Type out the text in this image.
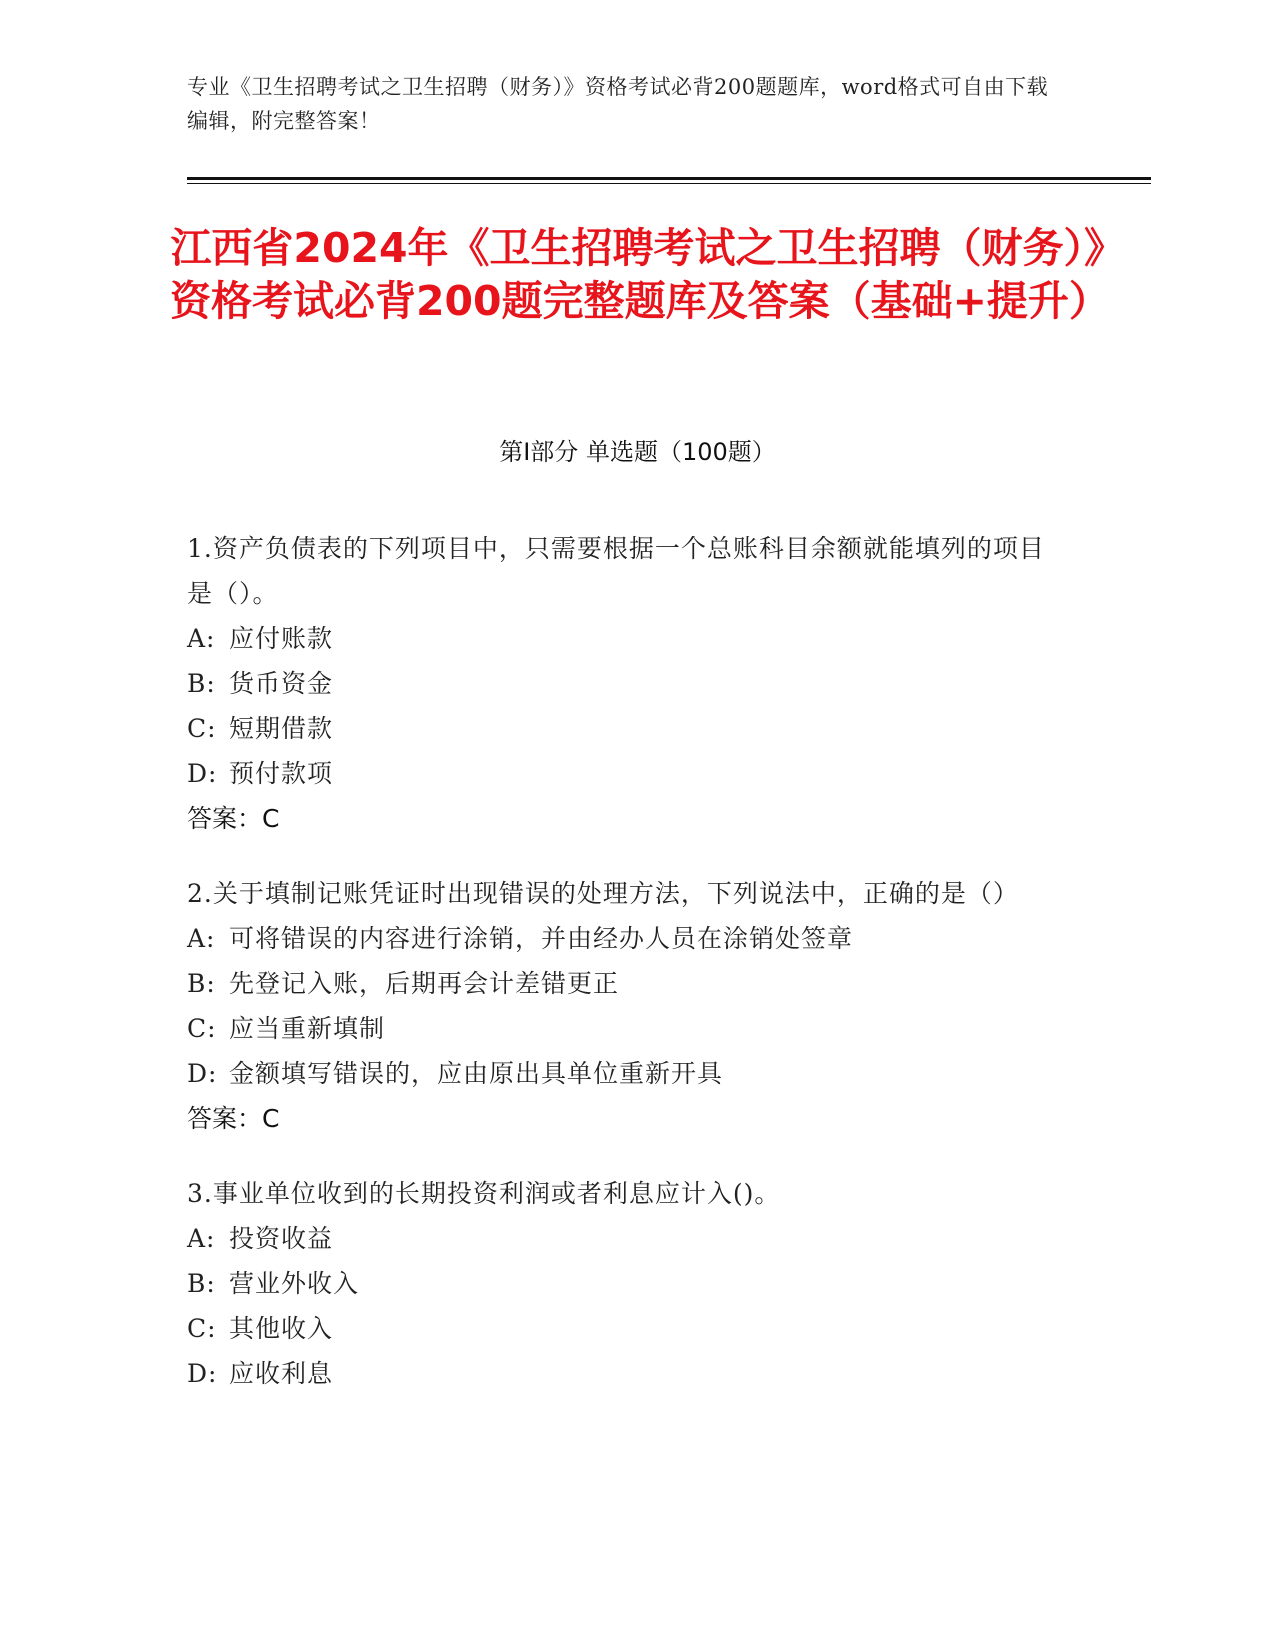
专业《卫生招聘考试之卫生招聘（财务）》资格考试必背200题题库，word格式可自由下载编辑，附完整答案！
江西省2024年《卫生招聘考试之卫生招聘（财务）》资格考试必背200题完整题库及答案（基础+提升）
第I部分 单选题（100题）
1.资产负债表的下列项目中，只需要根据一个总账科目余额就能填列的项目是（）。
A: 应付账款
B: 货币资金
C: 短期借款
D: 预付款项
答案：C
2.关于填制记账凭证时出现错误的处理方法，下列说法中，正确的是（）
A: 可将错误的内容进行涂销，并由经办人员在涂销处签章
B: 先登记入账，后期再会计差错更正
C: 应当重新填制
D: 金额填写错误的，应由原出具单位重新开具
答案：C
3.事业单位收到的长期投资利润或者利息应计入()。
A: 投资收益
B: 营业外收入
C: 其他收入
D: 应收利息
